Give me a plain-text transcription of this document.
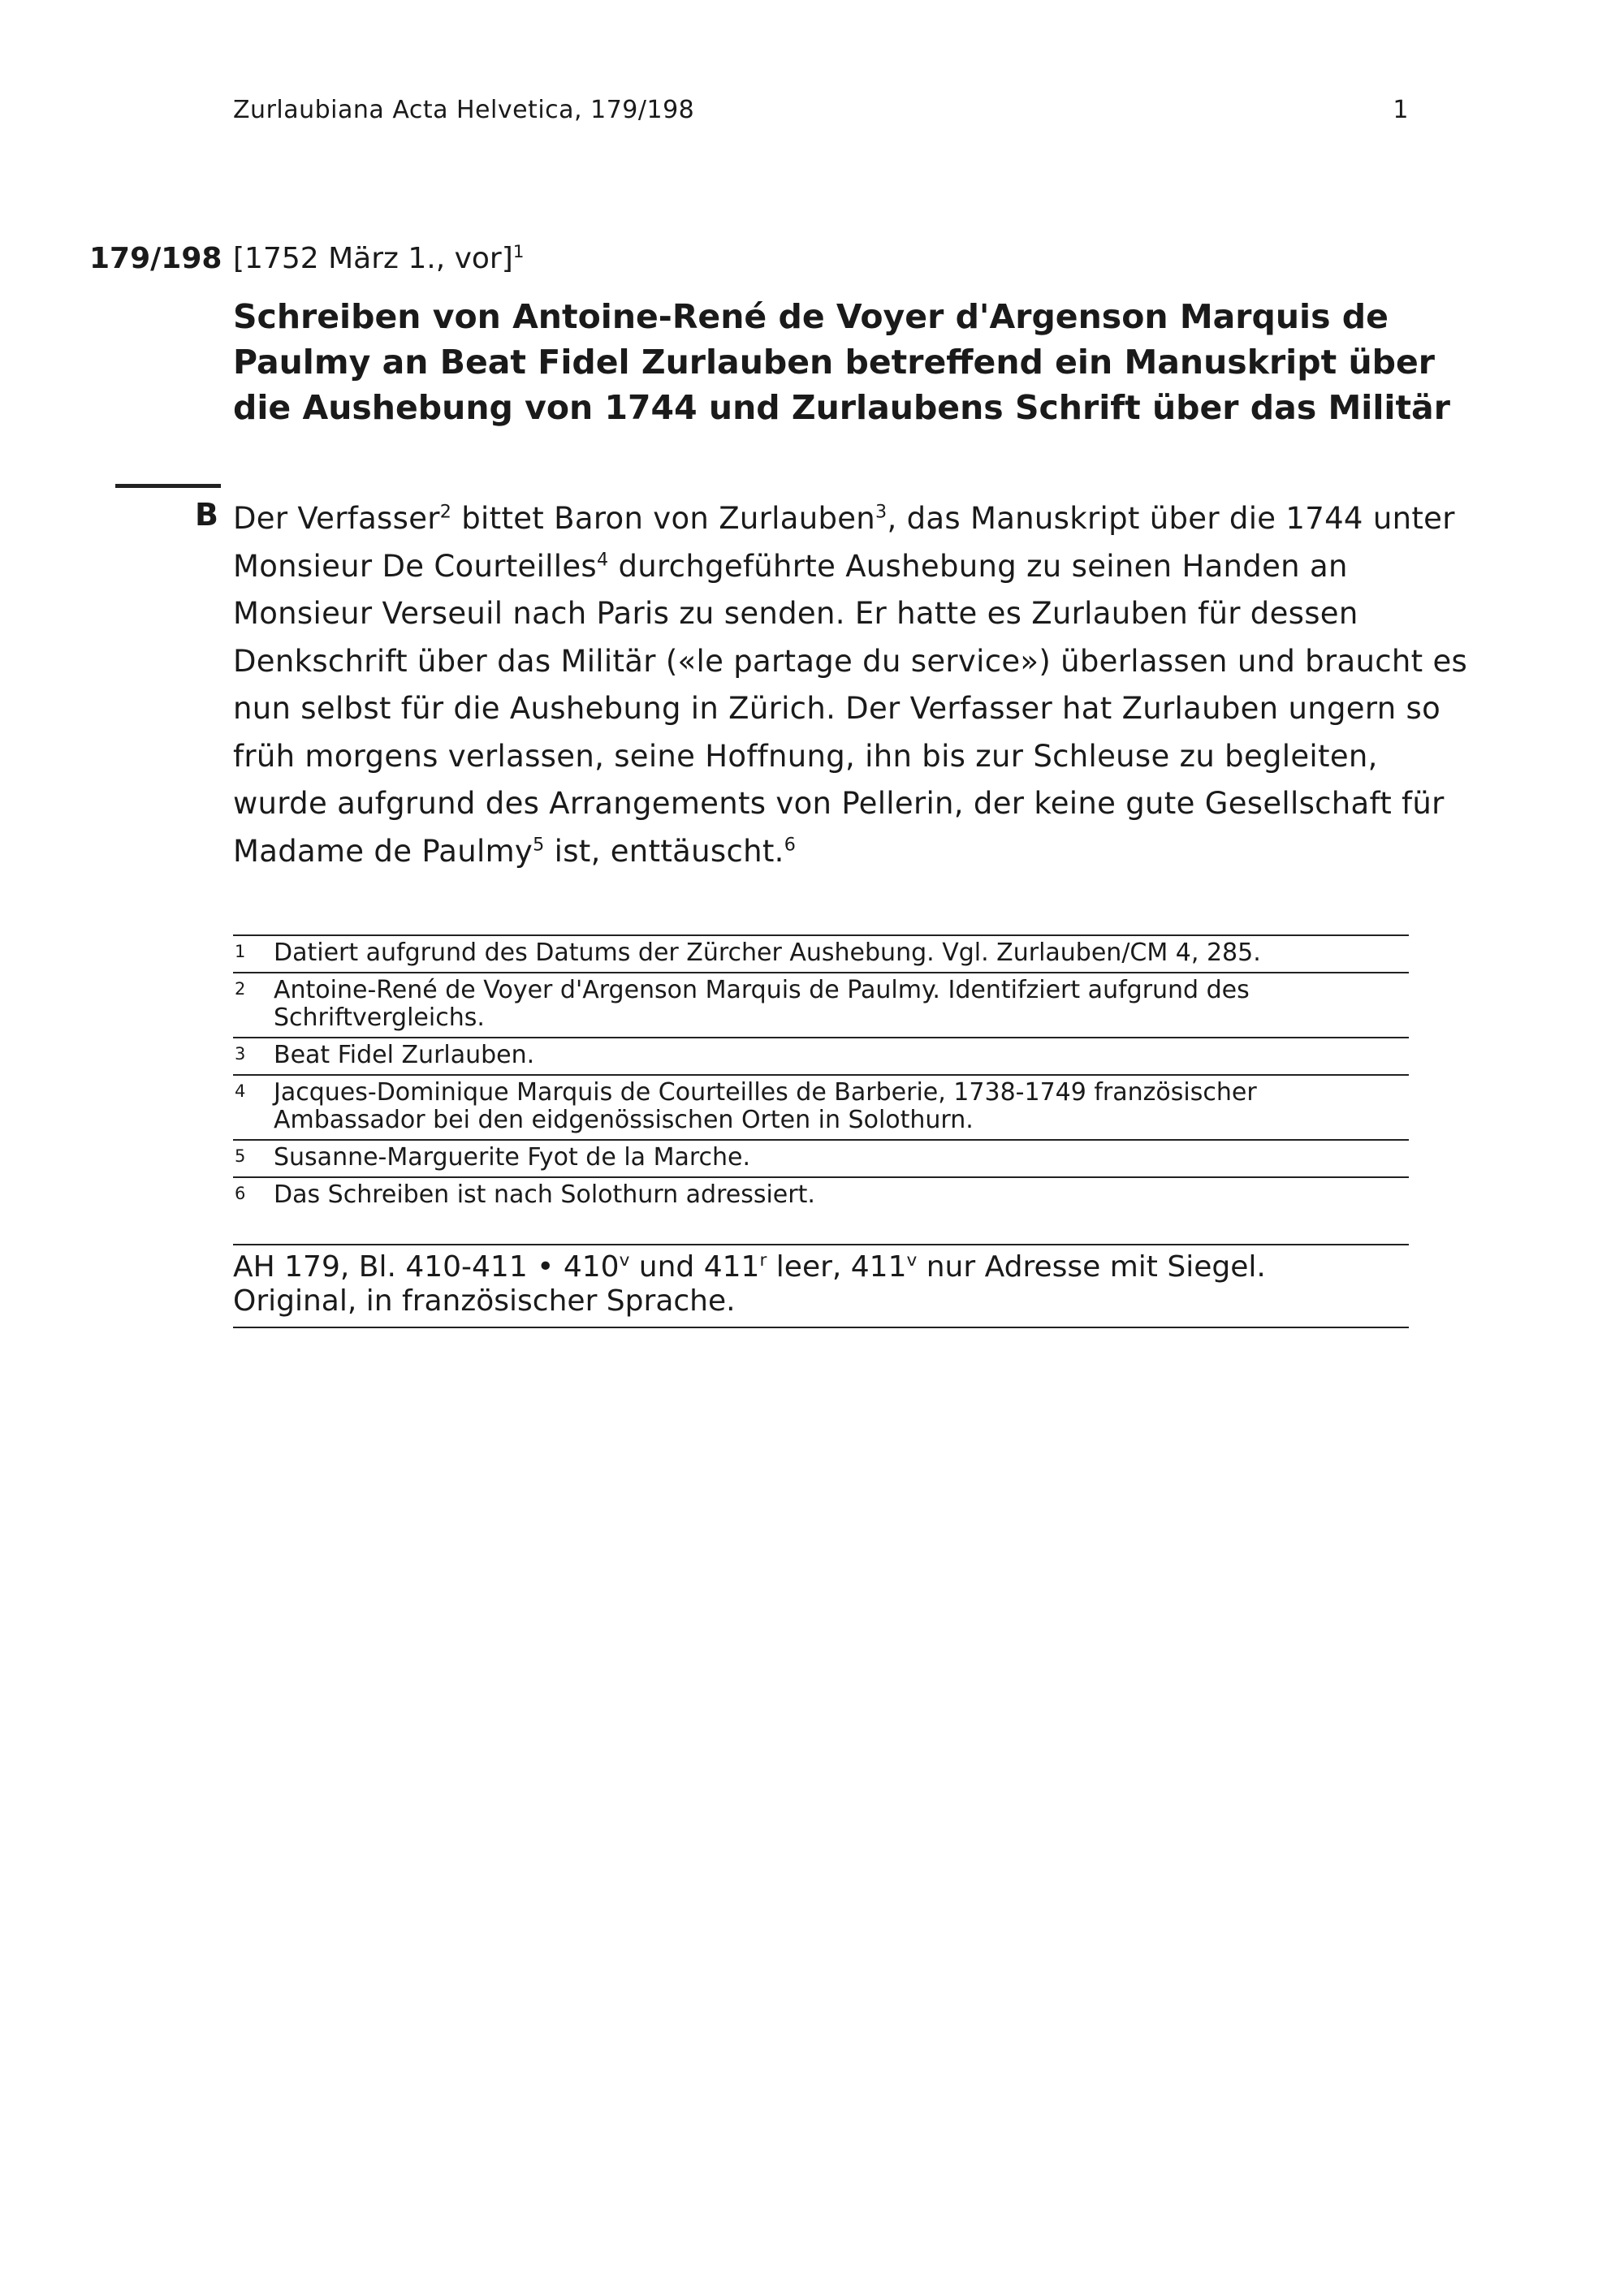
Zurlaubiana Acta Helvetica, 179/198	1
179/198 [1752 März 1., vor]$^1$
Schreiben von Antoine-René de Voyer d'Argenson Marquis de
Paulmy an Beat Fidel Zurlauben betreffend ein Manuskript über
die Aushebung von 1744 und Zurlaubens Schrift über das Militär
B Der Verfasser$^2$ bittet Baron von Zurlauben$^3$, das Manuskript über die 1744 unter
Monsieur De Courteilles$^4$ durchgeführte Aushebung zu seinen Handen an
Monsieur Verseuil nach Paris zu senden. Er hatte es Zurlauben für dessen
Denkschrift über das Militär («le partage du service») überlassen und braucht es
nun selbst für die Aushebung in Zürich. Der Verfasser hat Zurlauben ungern so
früh morgens verlassen, seine Hoffnung, ihn bis zur Schleuse zu begleiten,
wurde aufgrund des Arrangements von Pellerin, der keine gute Gesellschaft für
Madame de Paulmy$^5$ ist, enttäuscht.$^6$
1 Datiert aufgrund des Datums der Zürcher Aushebung. Vgl. Zurlauben/CM 4, 285.
2 Antoine-René de Voyer d'Argenson Marquis de Paulmy. Identifziert aufgrund des
Schriftvergleichs.
3 Beat Fidel Zurlauben.
4 Jacques-Dominique Marquis de Courteilles de Barberie, 1738-1749 französischer
Ambassador bei den eidgenössischen Orten in Solothurn.
5 Susanne-Marguerite Fyot de la Marche.
6 Das Schreiben ist nach Solothurn adressiert.
AH 179, Bl. 410-411 • 410$^v$ und 411$^r$ leer, 411$^v$ nur Adresse mit Siegel.
Original, in französischer Sprache.
